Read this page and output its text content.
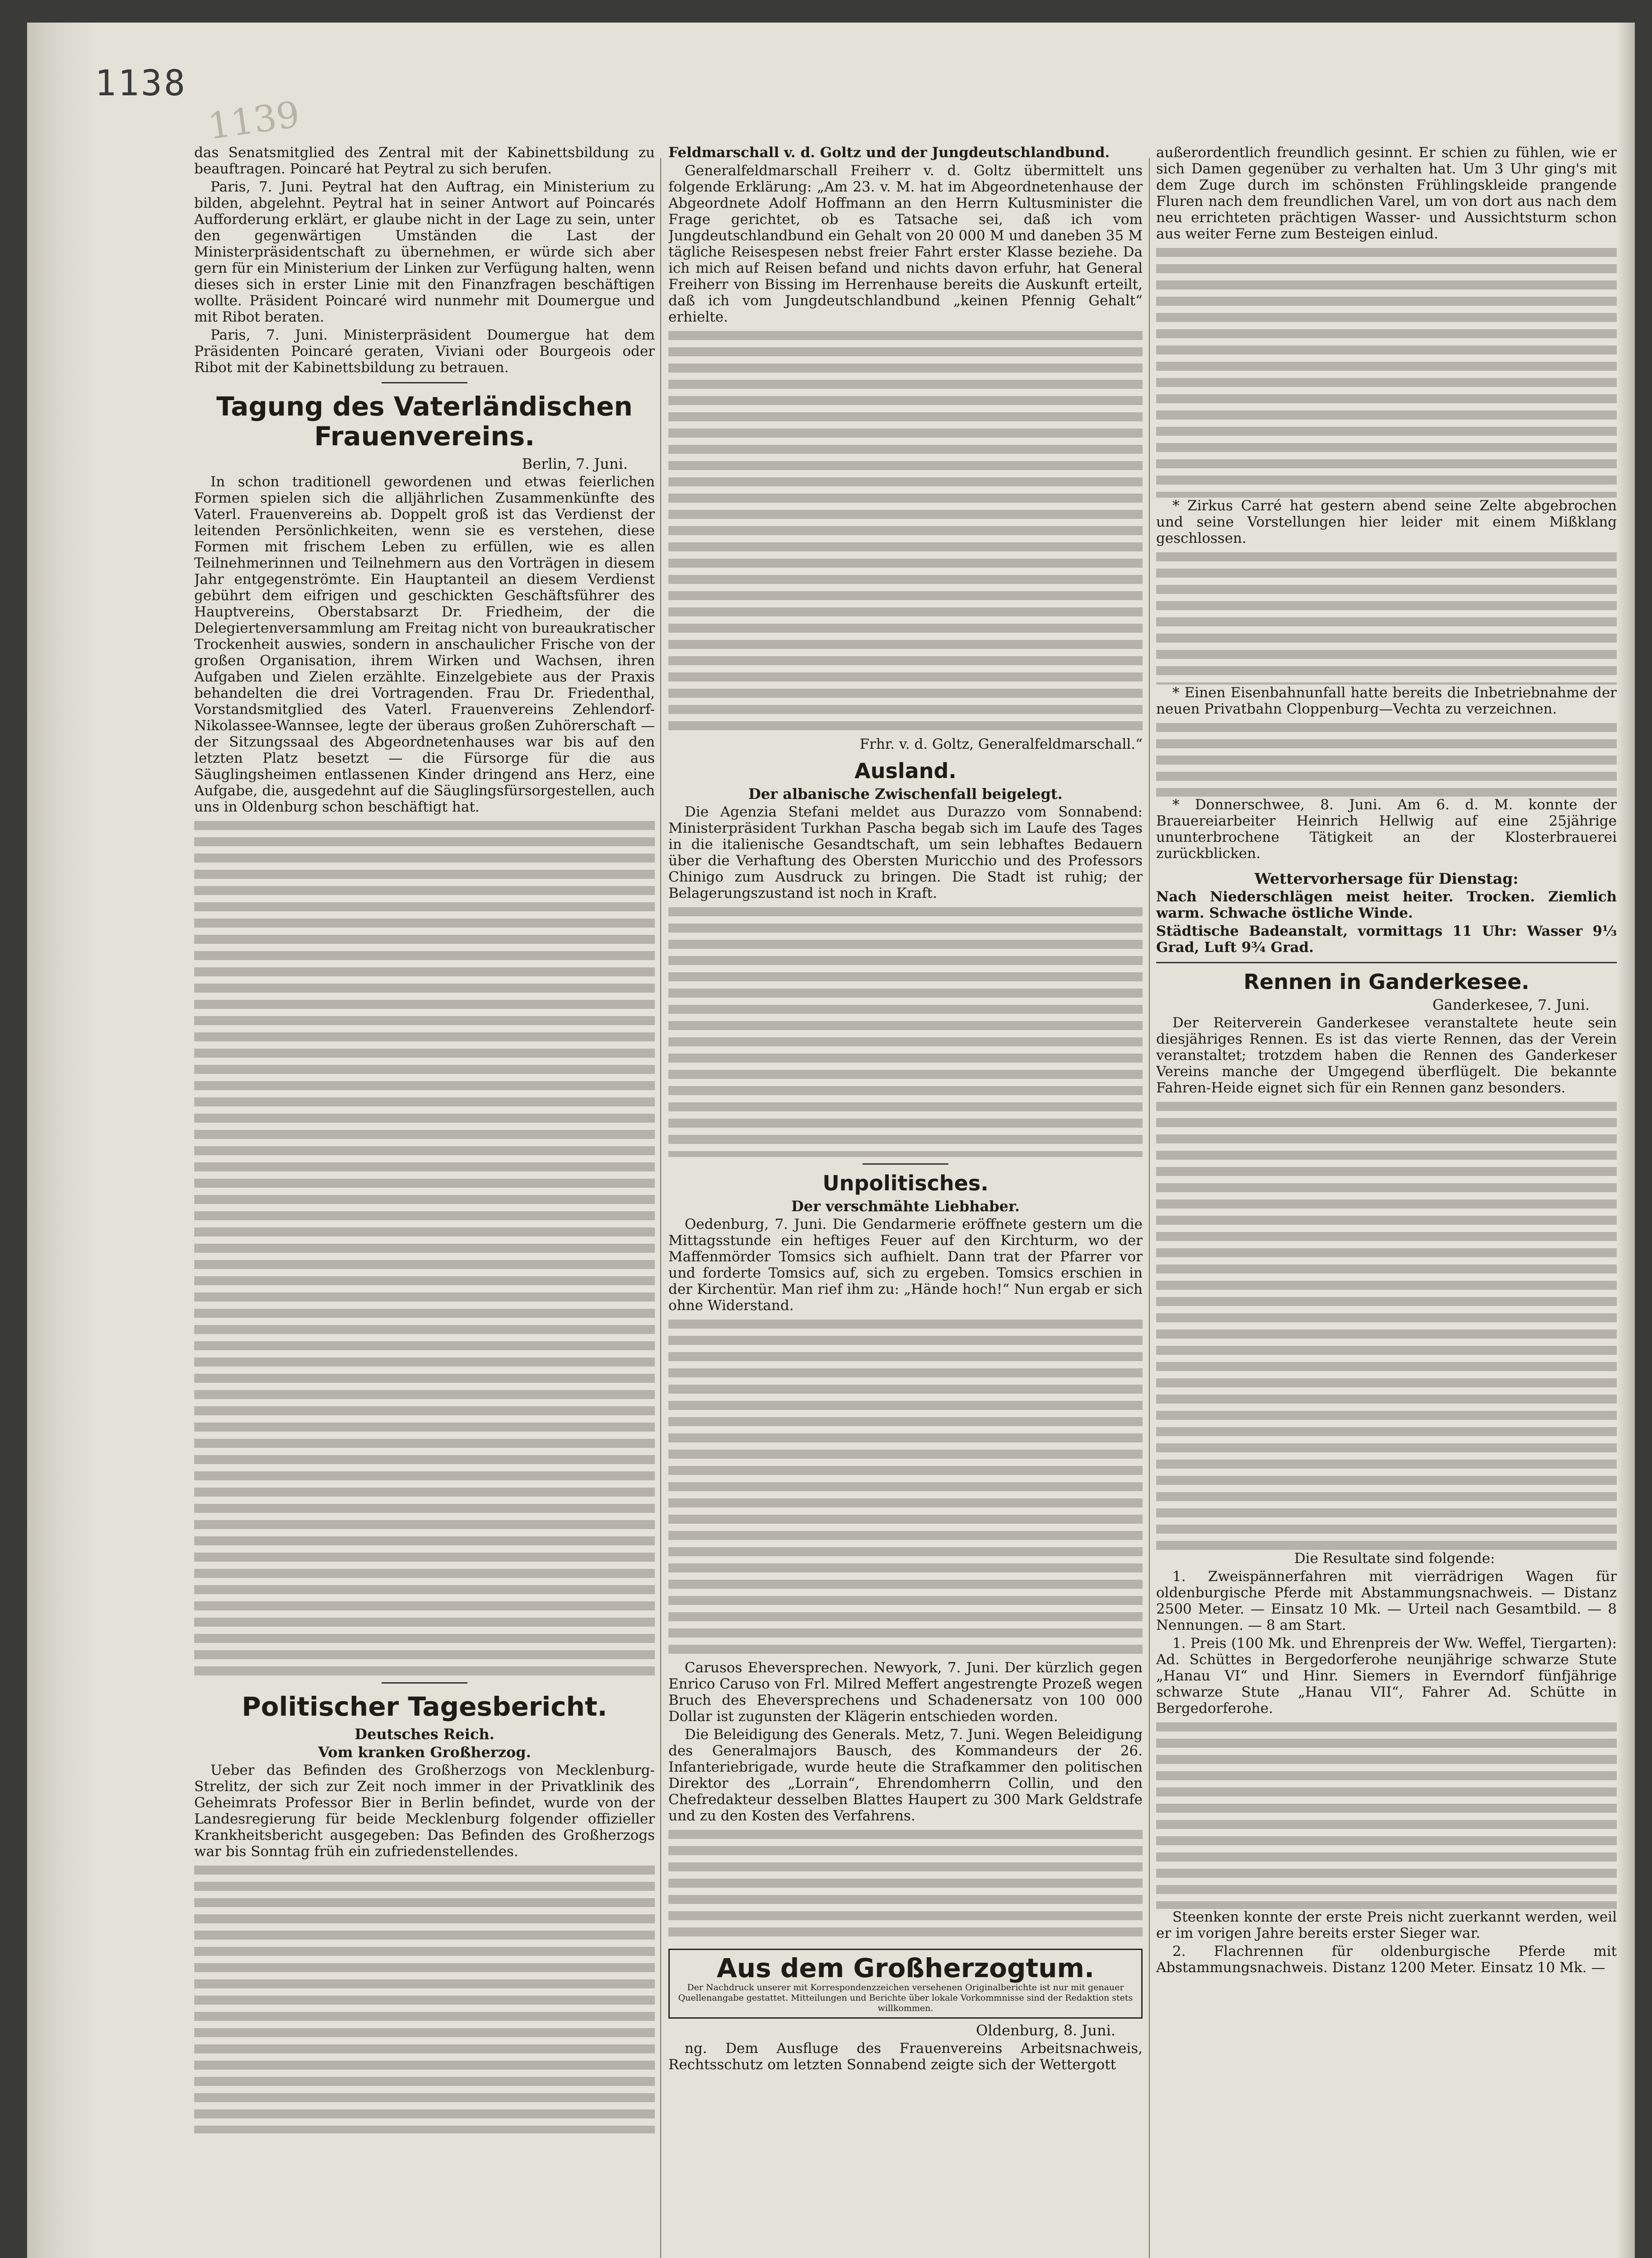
1138
1139

das Senatsmitglied des Zentral mit der Kabinettsbildung zu beauftragen. Poincaré hat Peytral zu sich berufen.

Paris, 7. Juni. Peytral hat den Auftrag, ein Ministerium zu bilden, abgelehnt. Peytral hat in seiner Antwort auf Poincarés Aufforderung erklärt, er glaube nicht in der Lage zu sein, unter den gegenwärtigen Umständen die Last der Ministerpräsidentschaft zu übernehmen, er würde sich aber gern für ein Ministerium der Linken zur Verfügung halten, wenn dieses sich in erster Linie mit den Finanzfragen beschäftigen wollte. Präsident Poincaré wird nunmehr mit Doumergue und mit Ribot beraten.

Paris, 7. Juni. Ministerpräsident Doumergue hat dem Präsidenten Poincaré geraten, Viviani oder Bourgeois oder Ribot mit der Kabinettsbildung zu betrauen.

Tagung des Vaterländischen Frauenvereins.
Berlin, 7. Juni.

In schon traditionell gewordenen und etwas feierlichen Formen spielen sich die alljährlichen Zusammenkünfte des Vaterl. Frauenvereins ab. Doppelt groß ist das Verdienst der leitenden Persönlichkeiten, wenn sie es verstehen, diese Formen mit frischem Leben zu erfüllen, wie es allen Teilnehmerinnen und Teilnehmern aus den Vorträgen in diesem Jahr entgegenströmte. Ein Hauptanteil an diesem Verdienst gebührt dem eifrigen und geschickten Geschäftsführer des Hauptvereins, Oberstabsarzt Dr. Friedheim, der die Delegiertenversammlung am Freitag nicht von bureaukratischer Trockenheit auswies, sondern in anschaulicher Frische von der großen Organisation, ihrem Wirken und Wachsen, ihren Aufgaben und Zielen erzählte. Einzelgebiete aus der Praxis behandelten die drei Vortragenden. Frau Dr. Friedenthal, Vorstandsmitglied des Vaterl. Frauenvereins Zehlendorf-Nikolassee-Wannsee, legte der überaus großen Zuhörerschaft — der Sitzungssaal des Abgeordnetenhauses war bis auf den letzten Platz besetzt — die Fürsorge für die aus Säuglingsheimen entlassenen Kinder dringend ans Herz, eine Aufgabe, die, ausgedehnt auf die Säuglingsfürsorgestellen, auch uns in Oldenburg schon beschäftigt hat.

Politischer Tagesbericht.
Deutsches Reich.
Vom kranken Großherzog.

Ueber das Befinden des Großherzogs von Mecklenburg-Strelitz, der sich zur Zeit noch immer in der Privatklinik des Geheimrats Professor Bier in Berlin befindet, wurde von der Landesregierung für beide Mecklenburg folgender offizieller Krankheitsbericht ausgegeben: Das Befinden des Großherzogs war bis Sonntag früh ein zufriedenstellendes.

Feldmarschall v. d. Goltz und der Jungdeutschlandbund.

Generalfeldmarschall Freiherr v. d. Goltz übermittelt uns folgende Erklärung: „Am 23. v. M. hat im Abgeordnetenhause der Abgeordnete Adolf Hoffmann an den Herrn Kultusminister die Frage gerichtet, ob es Tatsache sei, daß ich vom Jungdeutschlandbund ein Gehalt von 20 000 M und daneben 35 M tägliche Reisespesen nebst freier Fahrt erster Klasse beziehe. Da ich mich auf Reisen befand und nichts davon erfuhr, hat General Freiherr von Bissing im Herrenhause bereits die Auskunft erteilt, daß ich vom Jungdeutschlandbund „keinen Pfennig Gehalt“ erhielte.

Frhr. v. d. Goltz, Generalfeldmarschall.“
Ausland.
Der albanische Zwischenfall beigelegt.

Die Agenzia Stefani meldet aus Durazzo vom Sonnabend: Ministerpräsident Turkhan Pascha begab sich im Laufe des Tages in die italienische Gesandtschaft, um sein lebhaftes Bedauern über die Verhaftung des Obersten Muricchio und des Professors Chinigo zum Ausdruck zu bringen. Die Stadt ist ruhig; der Belagerungszustand ist noch in Kraft.

Unpolitisches.
Der verschmähte Liebhaber.

Oedenburg, 7. Juni. Die Gendarmerie eröffnete gestern um die Mittagsstunde ein heftiges Feuer auf den Kirchturm, wo der Maffenmörder Tomsics sich aufhielt. Dann trat der Pfarrer vor und forderte Tomsics auf, sich zu ergeben. Tomsics erschien in der Kirchentür. Man rief ihm zu: „Hände hoch!“ Nun ergab er sich ohne Widerstand.

Carusos Eheversprechen. Newyork, 7. Juni. Der kürzlich gegen Enrico Caruso von Frl. Milred Meffert angestrengte Prozeß wegen Bruch des Eheversprechens und Schadenersatz von 100 000 Dollar ist zugunsten der Klägerin entschieden worden.

Die Beleidigung des Generals. Metz, 7. Juni. Wegen Beleidigung des Generalmajors Bausch, des Kommandeurs der 26. Infanteriebrigade, wurde heute die Strafkammer den politischen Direktor des „Lorrain“, Ehrendomherrn Collin, und den Chefredakteur desselben Blattes Haupert zu 300 Mark Geldstrafe und zu den Kosten des Verfahrens.

Aus dem Großherzogtum.
Der Nachdruck unserer mit Korrespondenzzeichen versehenen Originalberichte ist nur mit genauer Quellenangabe gestattet. Mitteilungen und Berichte über lokale Vorkommnisse sind der Redaktion stets willkommen.
Oldenburg, 8. Juni.

ng. Dem Ausfluge des Frauenvereins Arbeitsnachweis, Rechtsschutz om letzten Sonnabend zeigte sich der Wettergott

außerordentlich freundlich gesinnt. Er schien zu fühlen, wie er sich Damen gegenüber zu verhalten hat. Um 3 Uhr ging's mit dem Zuge durch im schönsten Frühlingskleide prangende Fluren nach dem freundlichen Varel, um von dort aus nach dem neu errichteten prächtigen Wasser- und Aussichtsturm schon aus weiter Ferne zum Besteigen einlud.

* Zirkus Carré hat gestern abend seine Zelte abgebrochen und seine Vorstellungen hier leider mit einem Mißklang geschlossen.

* Einen Eisenbahnunfall hatte bereits die Inbetriebnahme der neuen Privatbahn Cloppenburg—Vechta zu verzeichnen.

* Donnerschwee, 8. Juni. Am 6. d. M. konnte der Brauereiarbeiter Heinrich Hellwig auf eine 25jährige ununterbrochene Tätigkeit an der Klosterbrauerei zurückblicken.

Wettervorhersage für Dienstag:

Nach Niederschlägen meist heiter. Trocken. Ziemlich warm. Schwache östliche Winde.

Städtische Badeanstalt, vormittags 11 Uhr: Wasser 9⅓ Grad, Luft 9¾ Grad.

Rennen in Ganderkesee.
Ganderkesee, 7. Juni.

Der Reiterverein Ganderkesee veranstaltete heute sein diesjähriges Rennen. Es ist das vierte Rennen, das der Verein veranstaltet; trotzdem haben die Rennen des Ganderkeser Vereins manche der Umgegend überflügelt. Die bekannte Fahren-Heide eignet sich für ein Rennen ganz besonders.

Die Resultate sind folgende:

1. Zweispännerfahren mit vierrädrigen Wagen für oldenburgische Pferde mit Abstammungsnachweis. — Distanz 2500 Meter. — Einsatz 10 Mk. — Urteil nach Gesamtbild. — 8 Nennungen. — 8 am Start.

1. Preis (100 Mk. und Ehrenpreis der Ww. Weffel, Tiergarten): Ad. Schüttes in Bergedorferohe neunjährige schwarze Stute „Hanau VI“ und Hinr. Siemers in Everndorf fünfjährige schwarze Stute „Hanau VII“, Fahrer Ad. Schütte in Bergedorferohe.

Steenken konnte der erste Preis nicht zuerkannt werden, weil er im vorigen Jahre bereits erster Sieger war.

2. Flachrennen für oldenburgische Pferde mit Abstammungsnachweis. Distanz 1200 Meter. Einsatz 10 Mk. —
